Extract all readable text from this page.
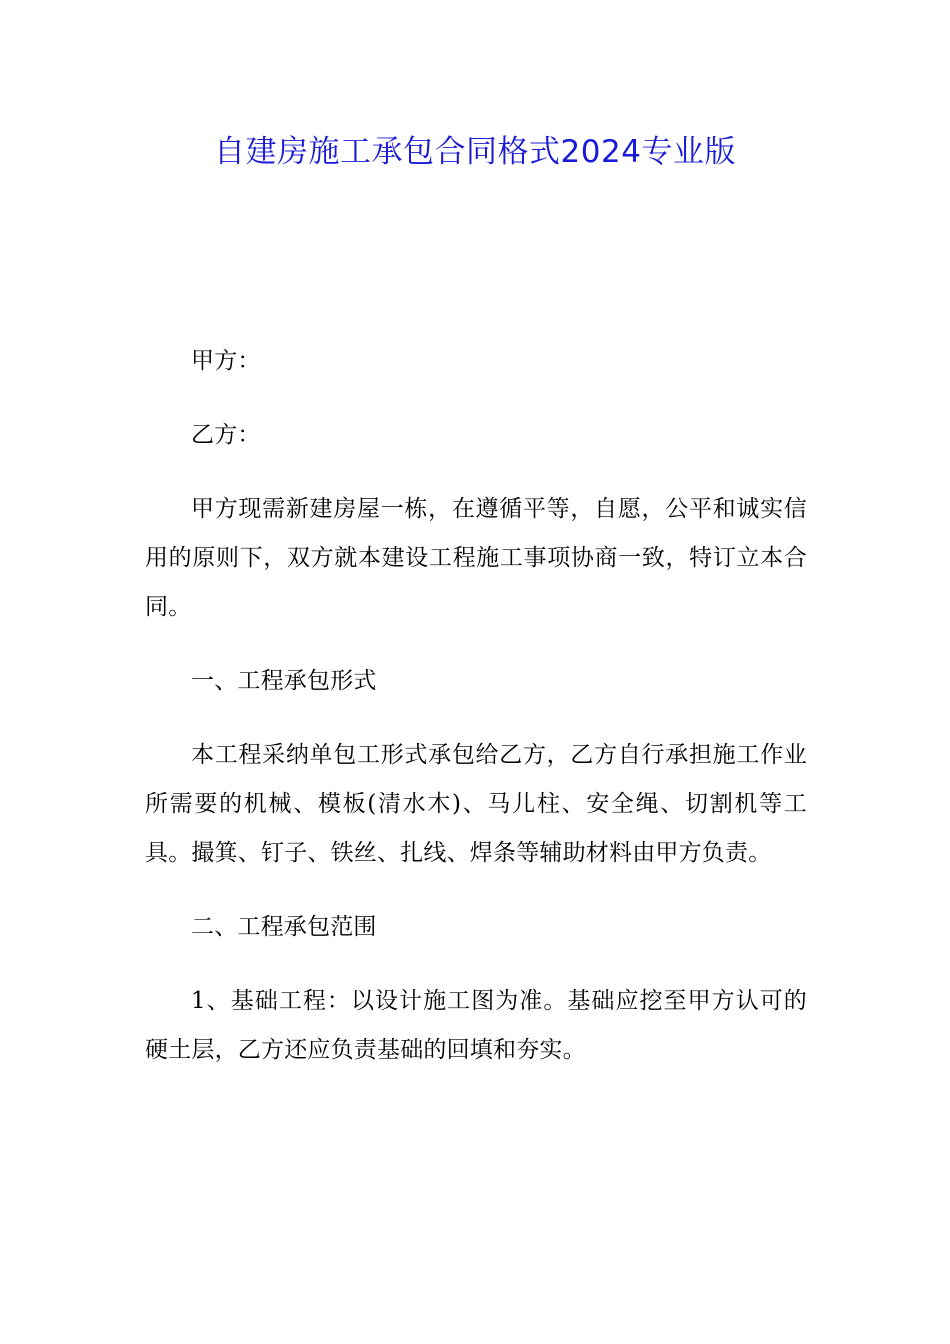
自建房施工承包合同格式2024专业版

甲方：

乙方：

甲方现需新建房屋一栋，在遵循平等，自愿，公平和诚实信用的原则下，双方就本建设工程施工事项协商一致，特订立本合同。

一、工程承包形式

本工程采纳单包工形式承包给乙方，乙方自行承担施工作业所需要的机械、模板(清水木)、马儿柱、安全绳、切割机等工具。撮箕、钉子、铁丝、扎线、焊条等辅助材料由甲方负责。

二、工程承包范围

1、基础工程：以设计施工图为准。基础应挖至甲方认可的硬土层，乙方还应负责基础的回填和夯实。
